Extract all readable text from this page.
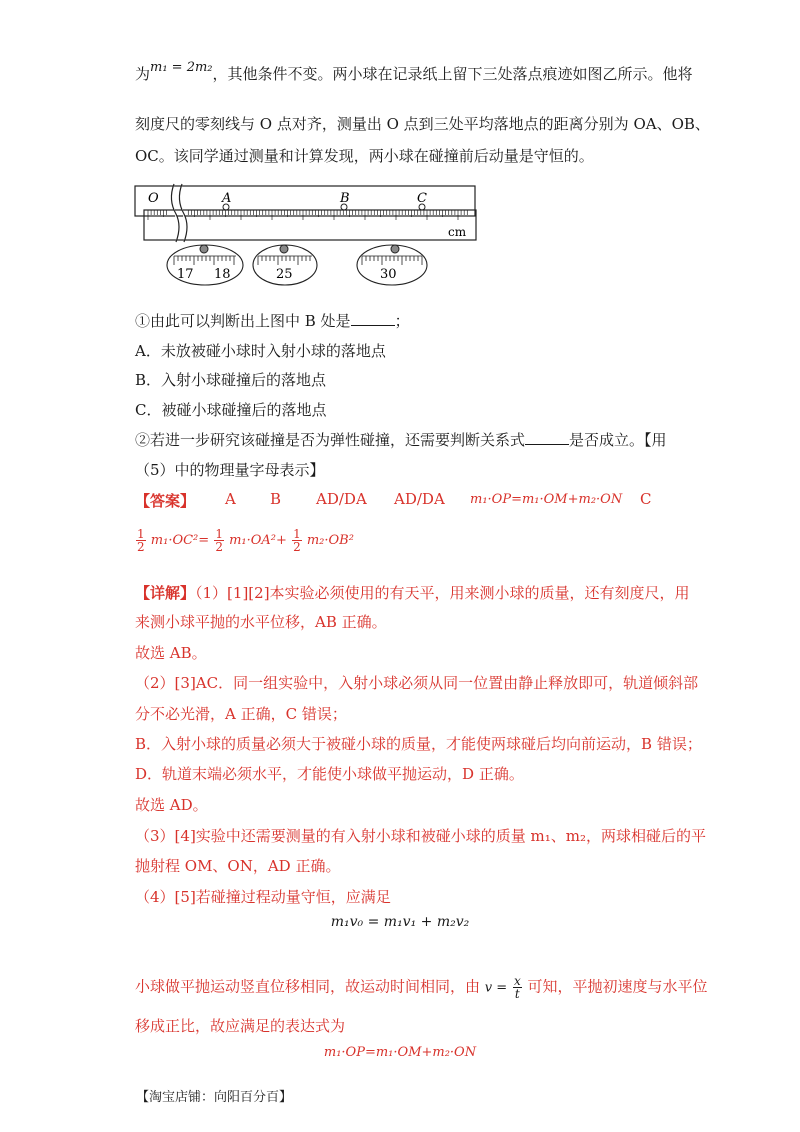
为m₁ = 2m₂，其他条件不变。两小球在记录纸上留下三处落点痕迹如图乙所示。他将
刻度尺的零刻线与 O 点对齐，测量出 O 点到三处平均落地点的距离分别为 OA、OB、
OC。该同学通过测量和计算发现，两小球在碰撞前后动量是守恒的。
O	A	B	C
cm
17 18	25	30
①由此可以判断出上图中 B 处是	；
A．未放被碰小球时入射小球的落地点
B．入射小球碰撞后的落地点
C．被碰小球碰撞后的落地点
②若进一步研究该碰撞是否为弹性碰撞，还需要判断关系式	是否成立。【用
（5）中的物理量字母表示】
【答案】 A B AD/DA AD/DA m₁·OP=m₁·OM+m₂·ON C
$\frac{1}{2} m_1\cdot OC^2= \frac{1}{2} m_1\cdot OA^2+ \frac{1}{2} m_2\cdot OB^2$
【详解】（1）[1][2]本实验必须使用的有天平，用来测小球的质量，还有刻度尺，用
来测小球平抛的水平位移，AB 正确。
故选 AB。
（2）[3]AC．同一组实验中，入射小球必须从同一位置由静止释放即可，轨道倾斜部
分不必光滑，A 正确，C 错误；
B．入射小球的质量必须大于被碰小球的质量，才能使两球碰后均向前运动，B 错误；
D．轨道末端必须水平，才能使小球做平抛运动，D 正确。
故选 AD。
（3）[4]实验中还需要测量的有入射小球和被碰小球的质量 m₁、m₂，两球相碰后的平
抛射程 OM、ON，AD 正确。
（4）[5]若碰撞过程动量守恒，应满足
m₁v₀ = m₁v₁ + m₂v₂
小球做平抛运动竖直位移相同，故运动时间相同，由 $v = \frac{x}{t}$ 可知，平抛初速度与水平位
移成正比，故应满足的表达式为
m₁·OP=m₁·OM+m₂·ON
【淘宝店铺：向阳百分百】
